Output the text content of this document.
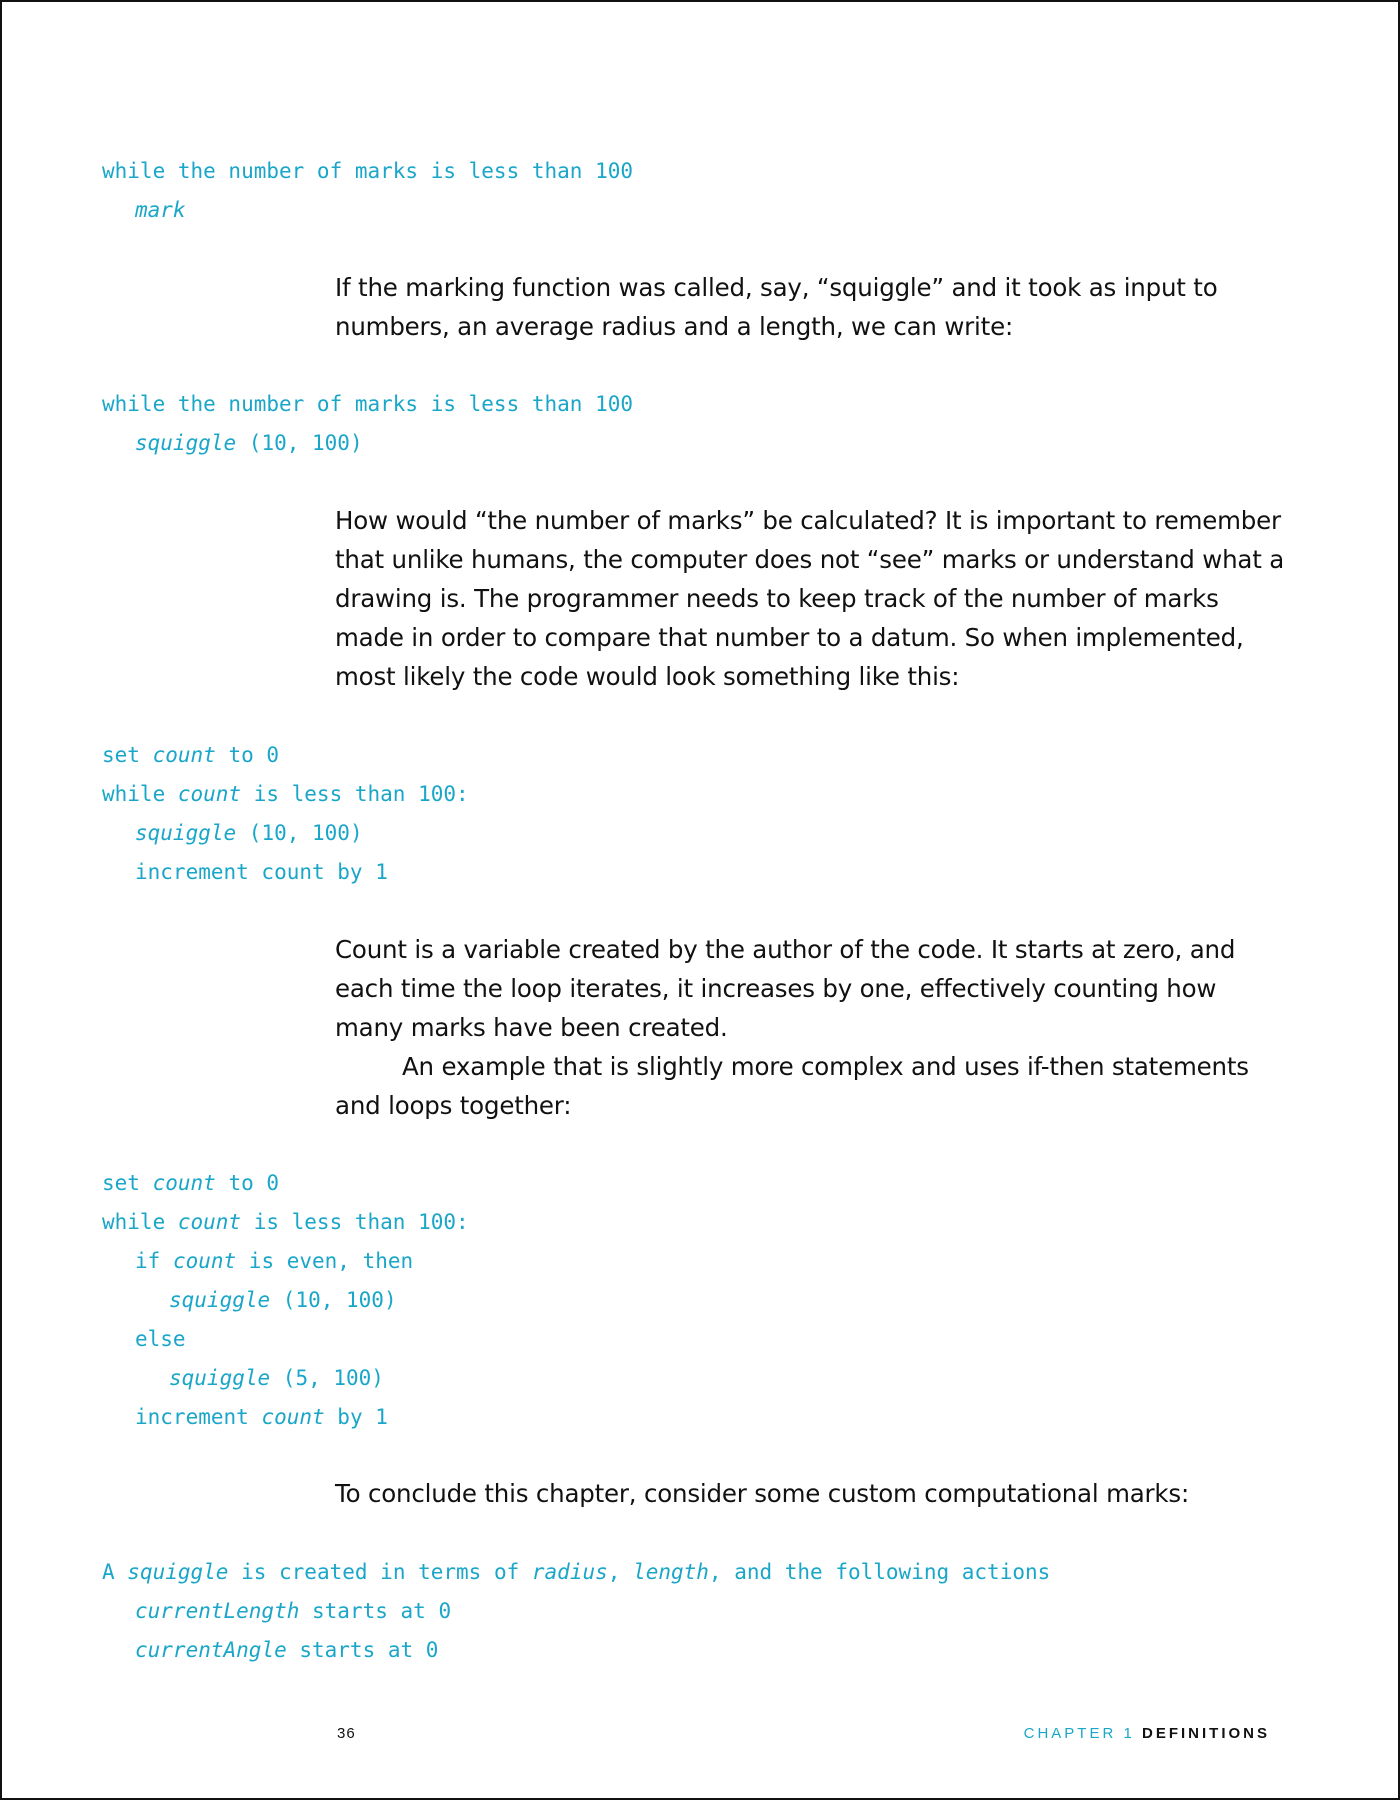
while the number of marks is less than 100
mark

If the marking function was called, say, “squiggle” and it took as input to numbers, an average radius and a length, we can write:

while the number of marks is less than 100
squiggle (10, 100)

How would “the number of marks” be calculated? It is important to remember that unlike humans, the computer does not “see” marks or understand what a drawing is. The programmer needs to keep track of the number of marks made in order to compare that number to a datum. So when implemented, most likely the code would look something like this:

set count to 0
while count is less than 100:
squiggle (10, 100)
increment count by 1

Count is a variable created by the author of the code. It starts at zero, and each time the loop iterates, it increases by one, effectively counting how many marks have been created.

An example that is slightly more complex and uses if-then statements and loops together:

set count to 0
while count is less than 100:
if count is even, then
squiggle (10, 100)
else
squiggle (5, 100)
increment count by 1

To conclude this chapter, consider some custom computational marks:

A squiggle is created in terms of radius, length, and the following actions
currentLength starts at 0
currentAngle starts at 0
36	CHAPTER 1 DEFINITIONS
